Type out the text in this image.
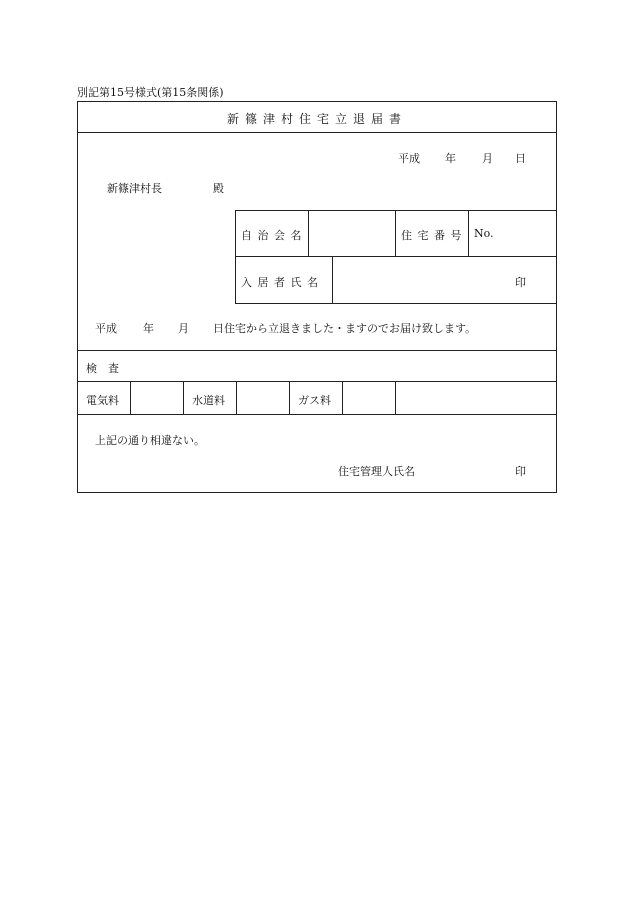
別記第15号様式(第15条関係)
新篠津村住宅立退届書
平成 年 月 日
新篠津村長	殿
自治会名	住宅番号 No.
入居者氏名	印
平成 年 月 日住宅から立退きました・ますのでお届け致します。
検　査
電気料	水道料	ガス料
上記の通り相違ない。
住宅管理人氏名	印
